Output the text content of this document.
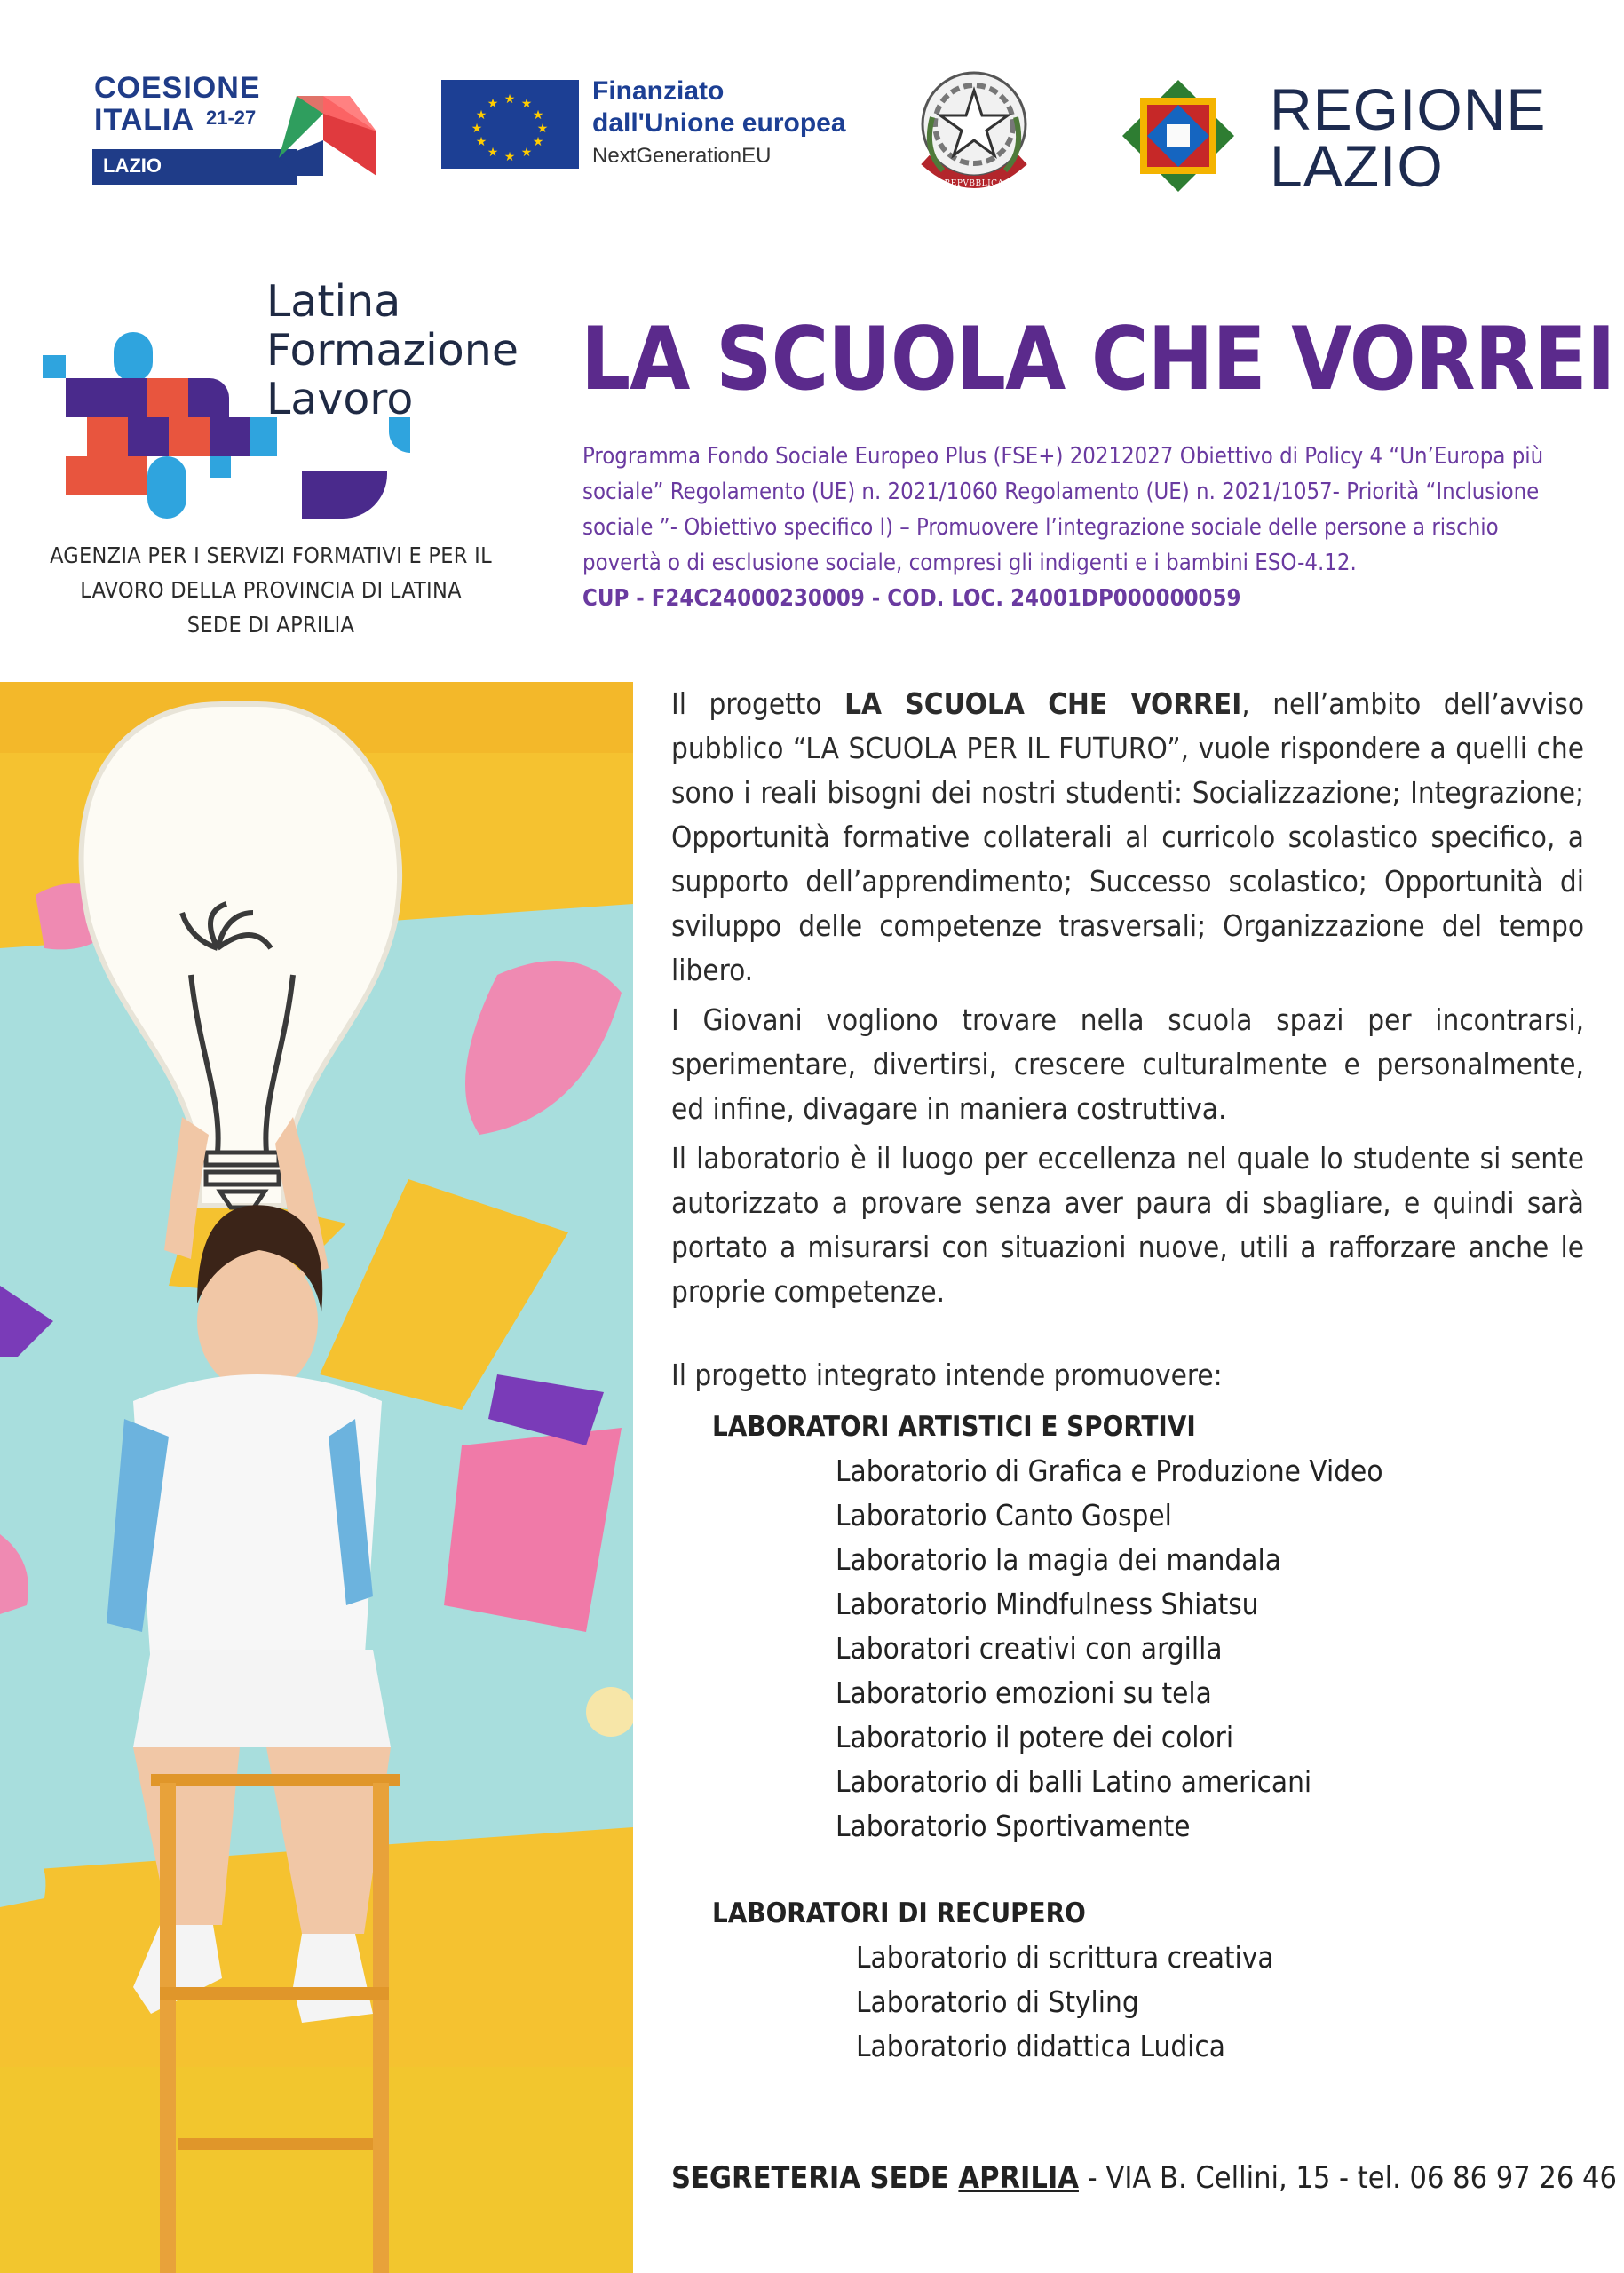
COESIONE
ITALIA 21-27
LAZIO
★ ★
★
★
★
★
★
★
★
★
★
★	Finanziato
dall'Unione europea
NextGenerationEU
REPVBBLICA ITALIANA
REGIONE
LAZIO
Latina
Formazione
Lavoro
AGENZIA PER I SERVIZI FORMATIVI E PER IL
LAVORO DELLA PROVINCIA DI LATINA
SEDE DI APRILIA
LA SCUOLA CHE VORREI
Programma Fondo Sociale Europeo Plus (FSE+) 20212027 Obiettivo di Policy 4 “Un’Europa più
sociale” Regolamento (UE) n. 2021/1060 Regolamento (UE) n. 2021/1057- Priorità “Inclusione
sociale ”- Obiettivo specifico l) – Promuovere l’integrazione sociale delle persone a rischio
povertà o di esclusione sociale, compresi gli indigenti e i bambini ESO-4.12.
CUP - F24C24000230009 - COD. LOC. 24001DP000000059

Il progetto LA SCUOLA CHE VORREI, nell’ambito dell’avviso pubblico “LA SCUOLA PER IL FUTURO”, vuole rispondere a quelli che sono i reali bisogni dei nostri studenti: Socializzazione; Integrazione; Opportunità formative collaterali al curricolo scolastico specifico, a supporto dell’apprendimento; Successo scolastico; Opportunità di sviluppo delle competenze trasversali; Organizzazione del tempo libero.

I Giovani vogliono trovare nella scuola spazi per incontrarsi, sperimentare, divertirsi, crescere culturalmente e personalmente, ed infine, divagare in maniera costruttiva.

Il laboratorio è il luogo per eccellenza nel quale lo studente si sente autorizzato a provare senza aver paura di sbagliare, e quindi sarà portato a misurarsi con situazioni nuove, utili a rafforzare anche le proprie competenze.

Il progetto integrato intende promuovere:

LABORATORI ARTISTICI E SPORTIVI
Laboratorio di Grafica e Produzione Video
Laboratorio Canto Gospel
Laboratorio la magia dei mandala
Laboratorio Mindfulness Shiatsu
Laboratori creativi con argilla
Laboratorio emozioni su tela
Laboratorio il potere dei colori
Laboratorio di balli Latino americani
Laboratorio Sportivamente
LABORATORI DI RECUPERO
Laboratorio di scrittura creativa
Laboratorio di Styling
Laboratorio didattica Ludica
SEGRETERIA SEDE APRILIA - VIA B. Cellini, 15 - tel. 06 86 97 26 46
